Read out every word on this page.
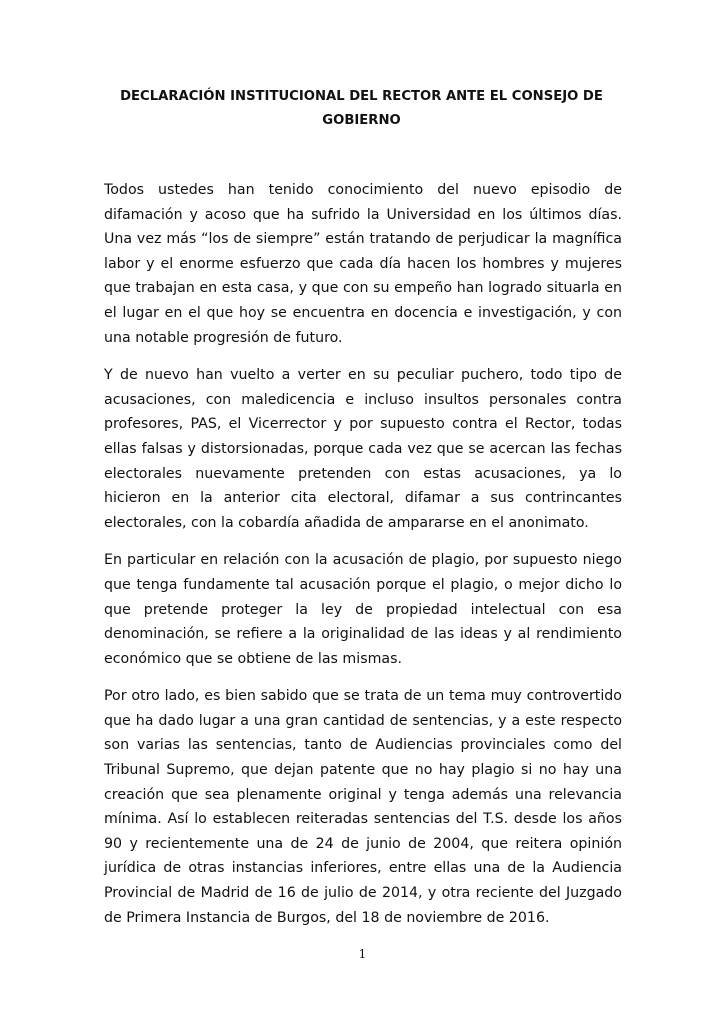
DECLARACIÓN INSTITUCIONAL DEL RECTOR ANTE EL CONSEJO DE GOBIERNO

Todos ustedes han tenido conocimiento del nuevo episodio de difamación y acoso que ha sufrido la Universidad en los últimos días. Una vez más “los de siempre” están tratando de perjudicar la magnífica labor y el enorme esfuerzo que cada día hacen los hombres y mujeres que trabajan en esta casa, y que con su empeño han logrado situarla en el lugar en el que hoy se encuentra en docencia e investigación, y con una notable progresión de futuro.

Y de nuevo han vuelto a verter en su peculiar puchero, todo tipo de acusaciones, con maledicencia e incluso insultos personales contra profesores, PAS, el Vicerrector y por supuesto contra el Rector, todas ellas falsas y distorsionadas, porque cada vez que se acercan las fechas electorales nuevamente pretenden con estas acusaciones, ya lo hicieron en la anterior cita electoral, difamar a sus contrincantes electorales, con la cobardía añadida de ampararse en el anonimato.

En particular en relación con la acusación de plagio, por supuesto niego que tenga fundamente tal acusación porque el plagio, o mejor dicho lo que pretende proteger la ley de propiedad intelectual con esa denominación, se refiere a la originalidad de las ideas y al rendimiento económico que se obtiene de las mismas.

Por otro lado, es bien sabido que se trata de un tema muy controvertido que ha dado lugar a una gran cantidad de sentencias, y a este respecto son varias las sentencias, tanto de Audiencias provinciales como del Tribunal Supremo, que dejan patente que no hay plagio si no hay una creación que sea plenamente original y tenga además una relevancia mínima. Así lo establecen reiteradas sentencias del T.S. desde los años 90 y recientemente una de 24 de junio de 2004, que reitera opinión jurídica de otras instancias inferiores, entre ellas una de la Audiencia Provincial de Madrid de 16 de julio de 2014, y otra reciente del Juzgado de Primera Instancia de Burgos, del 18 de noviembre de 2016.

1
